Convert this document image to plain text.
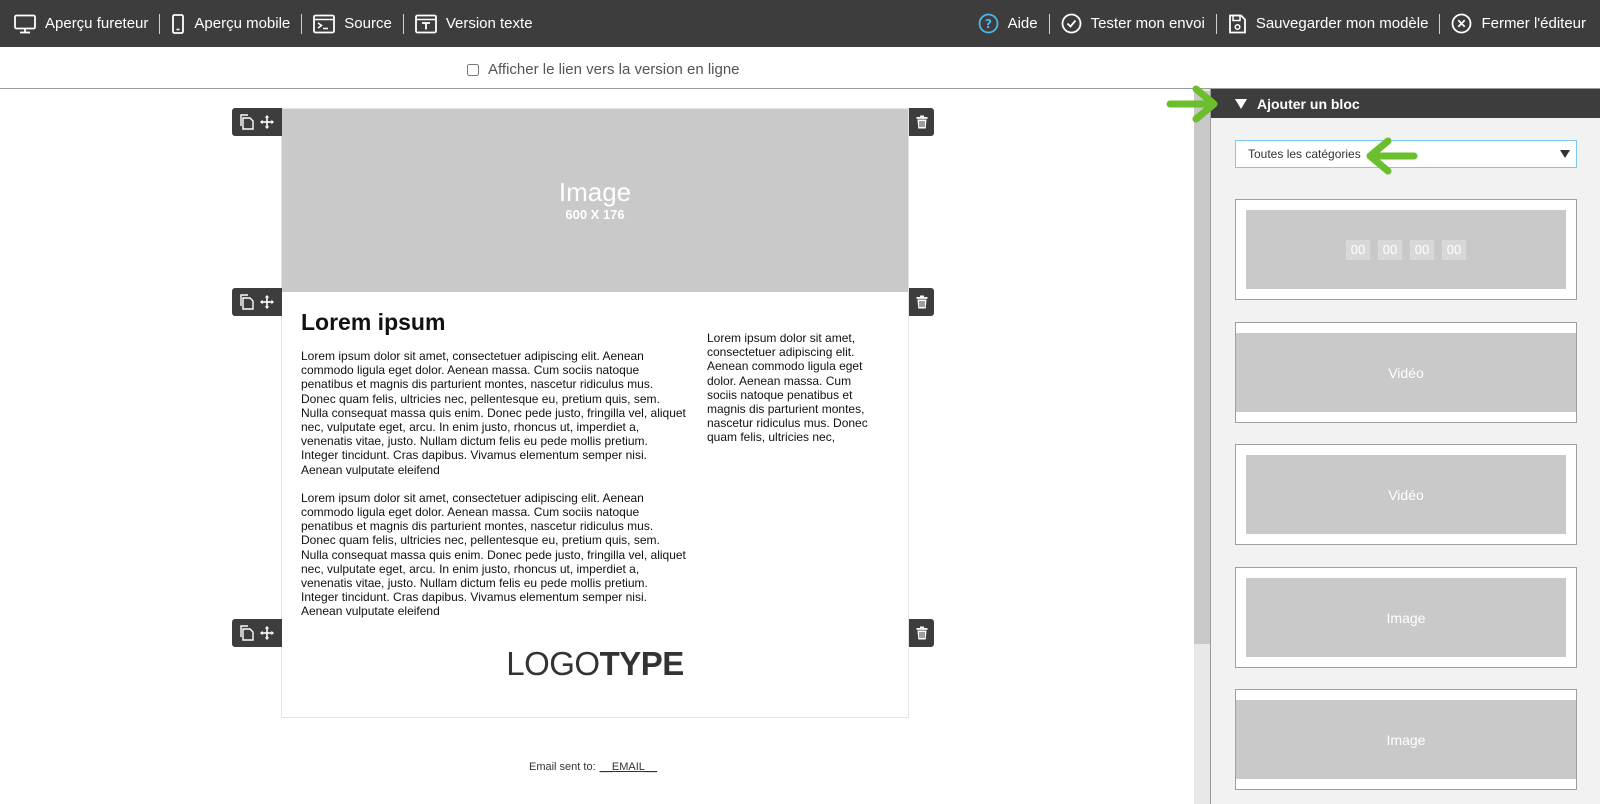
Aperçu fureteur	Aperçu mobile	Source	Version texte	? Aide	Tester mon envoi	Sauvegarder mon modèle	Fermer l'éditeur
Afficher le lien vers la version en ligne
Image
600 X 176
Lorem ipsum

Lorem ipsum dolor sit amet, consectetuer adipiscing elit. Aenean commodo ligula eget dolor. Aenean massa. Cum sociis natoque penatibus et magnis dis parturient montes, nascetur ridiculus mus. Donec quam felis, ultricies nec, pellentesque eu, pretium quis, sem. Nulla consequat massa quis enim. Donec pede justo, fringilla vel, aliquet nec, vulputate eget, arcu. In enim justo, rhoncus ut, imperdiet a, venenatis vitae, justo. Nullam dictum felis eu pede mollis pretium. Integer tincidunt. Cras dapibus. Vivamus elementum semper nisi. Aenean vulputate eleifend

Lorem ipsum dolor sit amet, consectetuer adipiscing elit. Aenean commodo ligula eget dolor. Aenean massa. Cum sociis natoque penatibus et magnis dis parturient montes, nascetur ridiculus mus. Donec quam felis, ultricies nec, pellentesque eu, pretium quis, sem. Nulla consequat massa quis enim. Donec pede justo, fringilla vel, aliquet nec, vulputate eget, arcu. In enim justo, rhoncus ut, imperdiet a, venenatis vitae, justo. Nullam dictum felis eu pede mollis pretium. Integer tincidunt. Cras dapibus. Vivamus elementum semper nisi. Aenean vulputate eleifend

Lorem ipsum dolor sit amet, consectetuer adipiscing elit. Aenean commodo ligula eget dolor. Aenean massa. Cum sociis natoque penatibus et magnis dis parturient montes, nascetur ridiculus mus. Donec quam felis, ultricies nec,
LOGOTYPE
Email sent to: __EMAIL__
Ajouter un bloc
Toutes les catégories
00	00	00	00
Vidéo
Vidéo
Image
Image
